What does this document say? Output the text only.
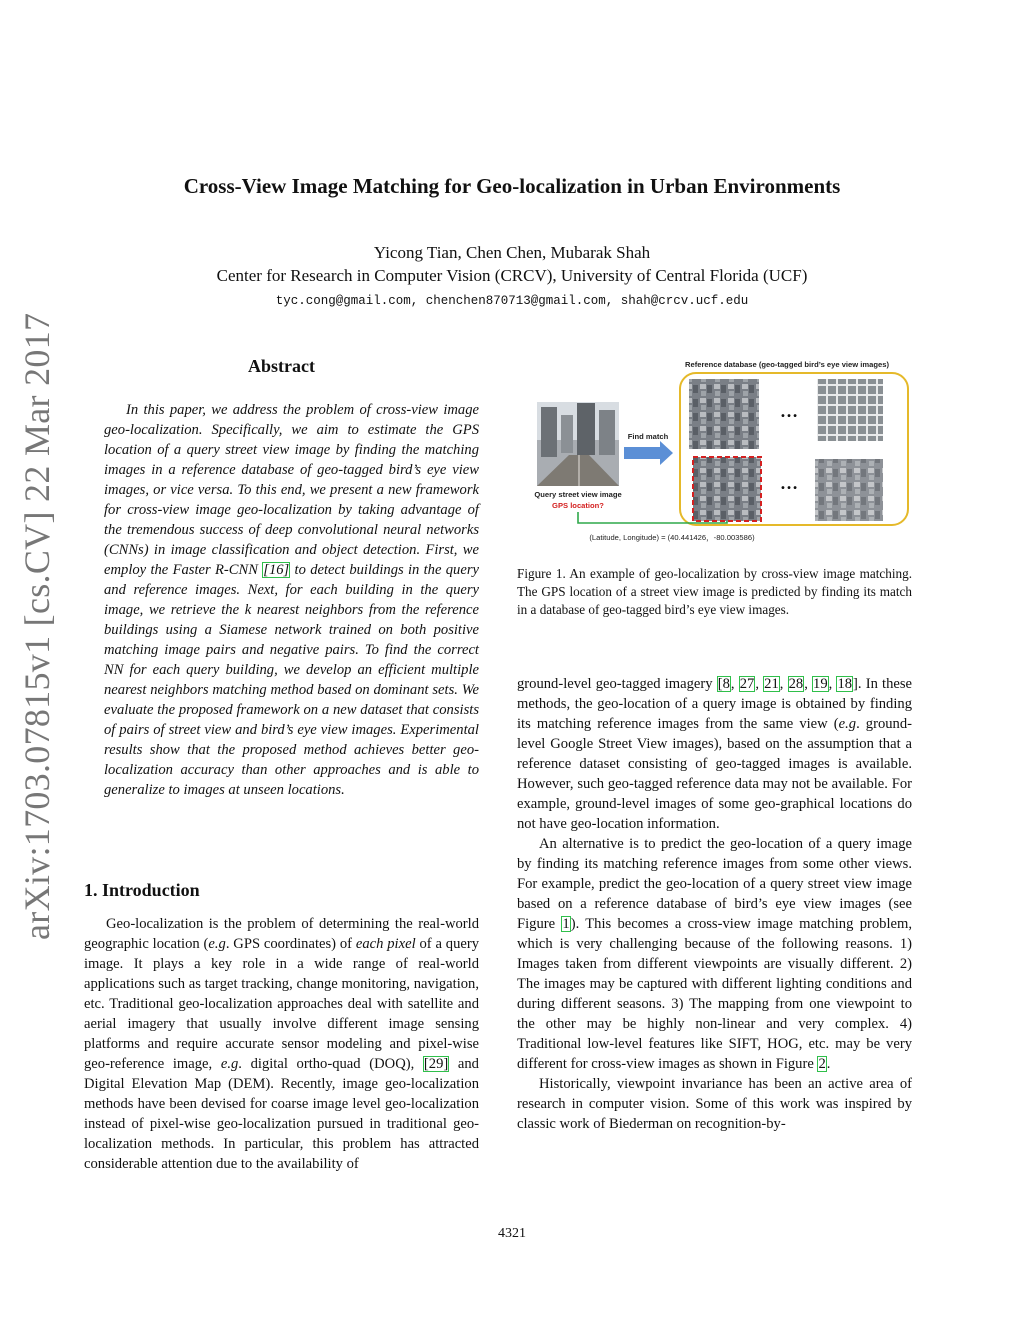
Cross-View Image Matching for Geo-localization in Urban Environments
Yicong Tian, Chen Chen, Mubarak Shah
Center for Research in Computer Vision (CRCV), University of Central Florida (UCF)
tyc.cong@gmail.com, chenchen870713@gmail.com, shah@crcv.ucf.edu
arXiv:1703.07815v1 [cs.CV] 22 Mar 2017	Abstract

In this paper, we address the problem of cross-view image geo-localization. Specifically, we aim to estimate the GPS location of a query street view image by finding the matching images in a reference database of geo-tagged bird’s eye view images, or vice versa. To this end, we present a new framework for cross-view image geo-localization by taking advantage of the tremendous success of deep convolutional neural networks (CNNs) in image classification and object detection. First, we employ the Faster R-CNN [16] to detect buildings in the query and reference images. Next, for each building in the query image, we retrieve the k nearest neighbors from the reference buildings using a Siamese network trained on both positive matching image pairs and negative pairs. To find the correct NN for each query building, we develop an efficient multiple nearest neighbors matching method based on dominant sets. We evaluate the proposed framework on a new dataset that consists of pairs of street view and bird’s eye view images. Experimental results show that the proposed method achieves better geo-localization accuracy than other approaches and is able to generalize to images at unseen locations.

1. Introduction

Geo-localization is the problem of determining the real-world geographic location (e.g. GPS coordinates) of each pixel of a query image. It plays a key role in a wide range of real-world applications such as target tracking, change monitoring, navigation, etc. Traditional geo-localization approaches deal with satellite and aerial imagery that usually involve different image sensing platforms and require accurate sensor modeling and pixel-wise geo-reference image, e.g. digital ortho-quad (DOQ), [29] and Digital Elevation Map (DEM). Recently, image geo-localization methods have been devised for coarse image level geo-localization instead of pixel-wise geo-localization pursued in traditional geo-localization methods. In particular, this problem has attracted considerable attention due to the availability of

Reference database (geo-tagged bird’s eye view images)
Query street view image
GPS location?
Find match
…
…
(Latitude, Longitude) = (40.441426，-80.003586)

Figure 1. An example of geo-localization by cross-view image matching. The GPS location of a street view image is predicted by finding its match in a database of geo-tagged bird’s eye view images.

ground-level geo-tagged imagery [8, 27, 21, 28, 19, 18]. In these methods, the geo-location of a query image is obtained by finding its matching reference images from the same view (e.g. ground-level Google Street View images), based on the assumption that a reference dataset consisting of geo-tagged images is available. However, such geo-tagged reference data may not be available. For example, ground-level images of some geo-graphical locations do not have geo-location information.

An alternative is to predict the geo-location of a query image by finding its matching reference images from some other views. For example, predict the geo-location of a query street view image based on a reference database of bird’s eye view images (see Figure 1). This becomes a cross-view image matching problem, which is very challenging because of the following reasons. 1) Images taken from different viewpoints are visually different. 2) The images may be captured with different lighting conditions and during different seasons. 3) The mapping from one viewpoint to the other may be highly non-linear and very complex. 4) Traditional low-level features like SIFT, HOG, etc. may be very different for cross-view images as shown in Figure 2.

Historically, viewpoint invariance has been an active area of research in computer vision. Some of this work was inspired by classic work of Biederman on recognition-by-

4321
